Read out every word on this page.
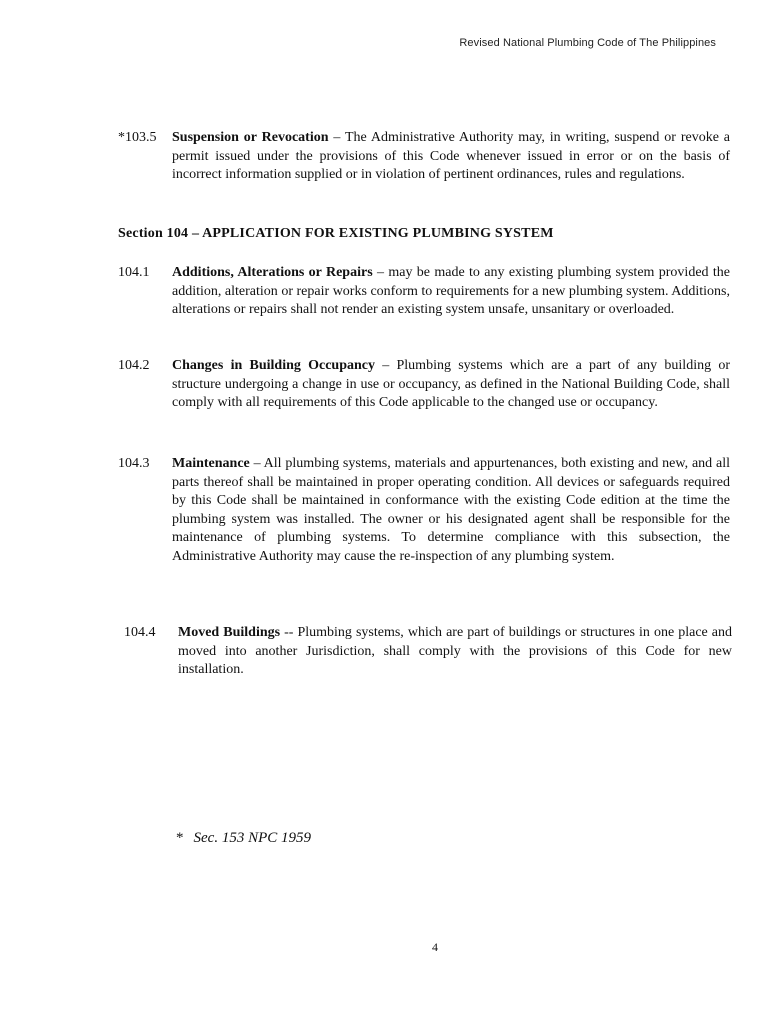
Revised National Plumbing Code of The Philippines
*103.5 Suspension or Revocation – The Administrative Authority may, in writing, suspend or revoke a permit issued under the provisions of this Code whenever issued in error or on the basis of incorrect information supplied or in violation of pertinent ordinances, rules and regulations.
Section 104 – APPLICATION FOR EXISTING PLUMBING SYSTEM
104.1 Additions, Alterations or Repairs – may be made to any existing plumbing system provided the addition, alteration or repair works conform to requirements for a new plumbing system. Additions, alterations or repairs shall not render an existing system unsafe, unsanitary or overloaded.
104.2 Changes in Building Occupancy – Plumbing systems which are a part of any building or structure undergoing a change in use or occupancy, as defined in the National Building Code, shall comply with all requirements of this Code applicable to the changed use or occupancy.
104.3 Maintenance – All plumbing systems, materials and appurtenances, both existing and new, and all parts thereof shall be maintained in proper operating condition. All devices or safeguards required by this Code shall be maintained in conformance with the existing Code edition at the time the plumbing system was installed. The owner or his designated agent shall be responsible for the maintenance of plumbing systems. To determine compliance with this subsection, the Administrative Authority may cause the re-inspection of any plumbing system.
104.4 Moved Buildings -- Plumbing systems, which are part of buildings or structures in one place and moved into another Jurisdiction, shall comply with the provisions of this Code for new installation.
* Sec. 153 NPC 1959
4
